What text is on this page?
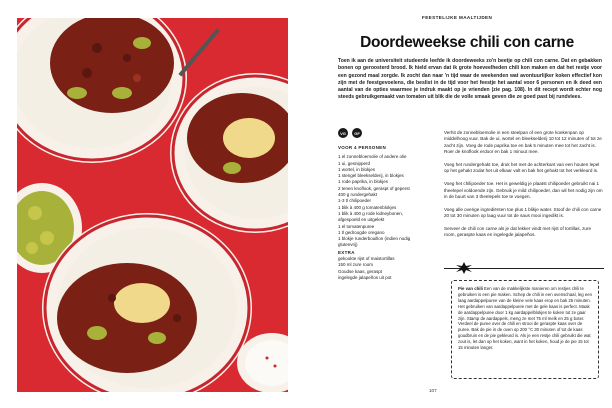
FEESTELIJKE MAALTIJDEN
Doordeweekse chili con carne

Toen ik aan de universiteit studeerde leefde ik doordeweeks zo'n beetje op chili con carne. Dat en gebakken bonen op geroosterd brood. Ik hield ervan dat ik grote hoeveelheden chili kon maken en dat het restje voor een gezond maal zorgde. Ik zocht dan naar 'n tijd waar de weekenden wat avontuurlijker koken effectief kon zijn met de feestgevoelens, die beslist in de tijd voor het feestje het aantal voor 6 personen en ik deed een aantal van de opties waarmee je indruk maakt op je vrienden (zie pag. 108). In dit recept wordt echter nog steeds gebruikgemaakt van tomaten uit blik die de volle smaak geven die ze goed past bij rundvlees.

VG	GF
VOOR 4 PERSONEN
1 el zonnebloemolie of andere olie
1 ui, gesnipperd
1 wortel, in blokjes
1 stengel bleekselderij, in blokjes
1 rode paprika, in blokjes
2 tenen knoflook, geraspt of geperst
400 g rundergehakt
1-3 tl chilipoeder
1 blik à 400 g tomatenblokjes
1 blik à 400 g rode kidneybonen,
afgespoeld en uitgelekt
1 el tomatenpuree
1 tl gedroogde oregano
1 blokje runderbouillon (indien nodig
glutenvrij)
EXTRA
gekookte rijst of maistortillas
150 ml zure room
Goudse kaas, geraspt
ingelegde jalapeños uit pot

Verhit de zonnebloemolie in een steelpan of een grote koekenpan op middelhoog vuur. Bak de ui, wortel en bleekselderij 10 tot 12 minuten of tot ze zacht zijn. Voeg de rode paprika toe en bak 5 minuten mee tot het zacht is. Roer de knoflook erdoor en bak 1 minuut mee.

Voeg het rundergehakt toe, druk het met de achterkant van een houten lepel op het gehakt zodat het uit elkaar valt en bak het gehakt tot het verkleurd is.

Voeg het chilipoeder toe. Het is geweldig je plaatst chilipoeder gebruikt nai 1 theelepel voldoende zijn. Gebruik je mild chilipoeder, dan wil het nodig zijn om in de buurt van 3 theelepels toe te voegen.

Voeg alle overige ingrediënten toe plus 1 blikje water. Stoof de chili con carne 20 tot 30 minuten op laag vuur tot de saus mooi ingedikt is.

Serveer de chili con carne als je dat lekker vindt met rijst of tortillas, zure room, geraspte kaas en ingelegde jalapeños.

Pie van chili Een van de makkelijkste manieren om restjes chili te gebruiken is een pie maken. Schep de chili in een ovenschaal, leg een laag aardappelpuree van de kleine vele kaas erop en bak 25 minuten. Het gebruiken van aardappelpuree met de gele kaas is perfect. Maak de aardappelpuree door 1 kg aardappelblokjes te koken tot ze gaar zijn. Stamp de aardappels, meng ze met 75 ml melk en 25 g boter. Verdeel de puree over de chili en strooi de geraspte kaas over de puree. Bak de pie in de oven op 200 °C 30 minuten of tot de kaas goudbruin en de pie gekleurd is. Als je een restje chili gebruikt die wat zout is, let dan op het koken, want in het koken, houd je de pie 15 tot 15 minuten langer.
107
